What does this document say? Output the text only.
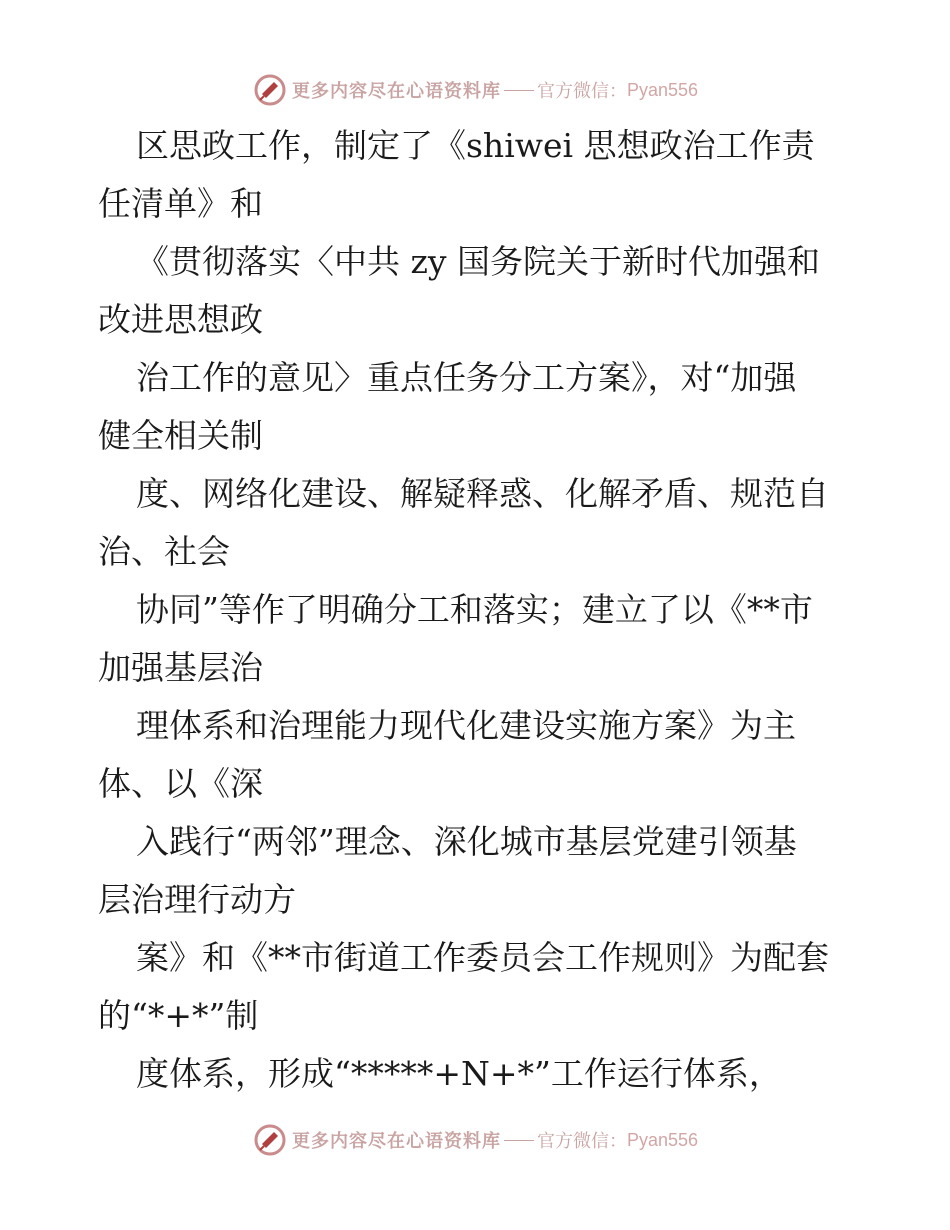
更多内容尽在心语资料库 官方微信： Pyan556
区思政工作，制定了《shiwei 思想政治工作责
任清单》和
《贯彻落实〈中共 zy 国务院关于新时代加强和
改进思想政
治工作的意见〉重点任务分工方案》，对“加强
健全相关制
度、网络化建设、解疑释惑、化解矛盾、规范自
治、社会
协同”等作了明确分工和落实；建立了以《**市
加强基层治
理体系和治理能力现代化建设实施方案》为主
体、以《深
入践行“两邻”理念、深化城市基层党建引领基
层治理行动方
案》和《**市街道工作委员会工作规则》为配套
的“*+*”制
度体系，形成“*****+N+*”工作运行体系，
更多内容尽在心语资料库 官方微信： Pyan556
